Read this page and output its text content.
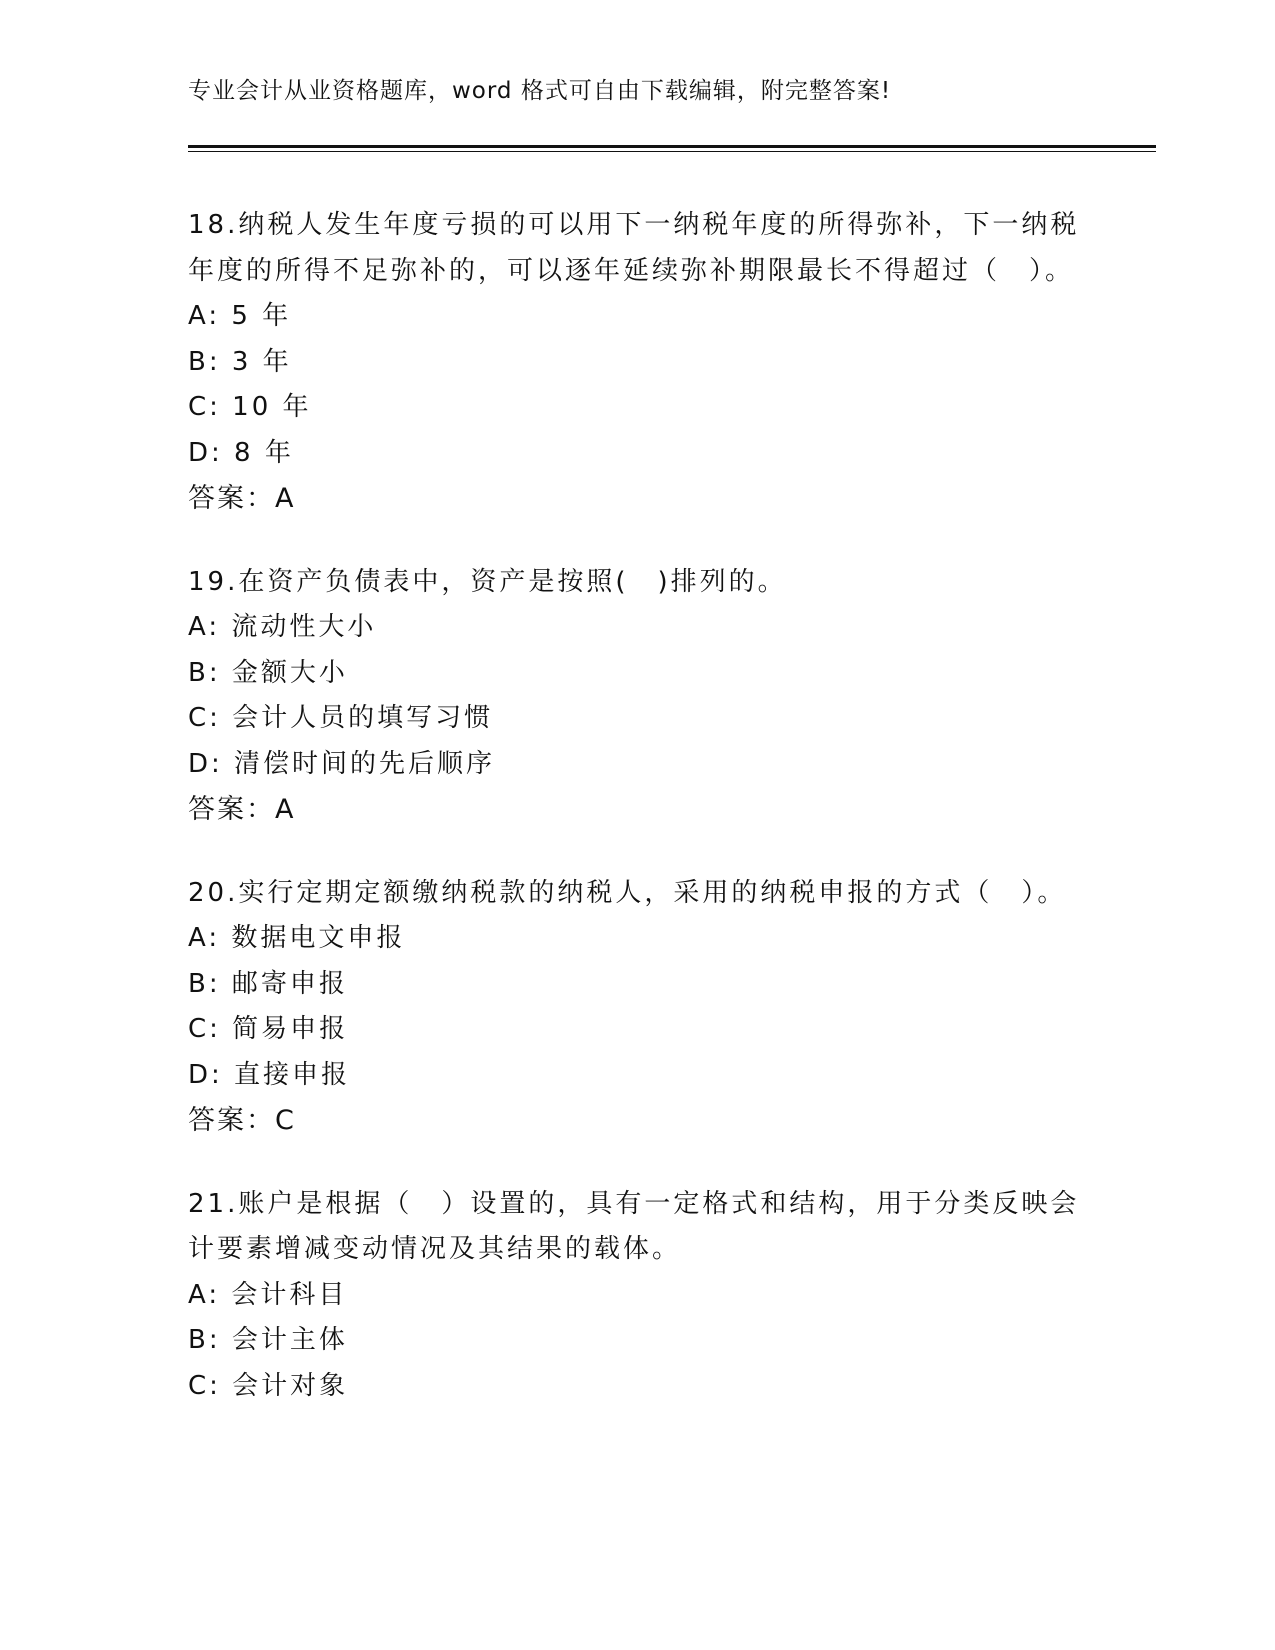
专业会计从业资格题库，word 格式可自由下载编辑，附完整答案!

18.纳税人发生年度亏损的可以用下一纳税年度的所得弥补，下一纳税年度的所得不足弥补的，可以逐年延续弥补期限最长不得超过（　）。

A: 5 年

B: 3 年

C: 10 年

D: 8 年

答案：A

19.在资产负债表中，资产是按照(　)排列的。

A: 流动性大小

B: 金额大小

C: 会计人员的填写习惯

D: 清偿时间的先后顺序

答案：A

20.实行定期定额缴纳税款的纳税人，采用的纳税申报的方式（　）。

A: 数据电文申报

B: 邮寄申报

C: 简易申报

D: 直接申报

答案：C

21.账户是根据（　）设置的，具有一定格式和结构，用于分类反映会计要素增减变动情况及其结果的载体。

A: 会计科目

B: 会计主体

C: 会计对象
